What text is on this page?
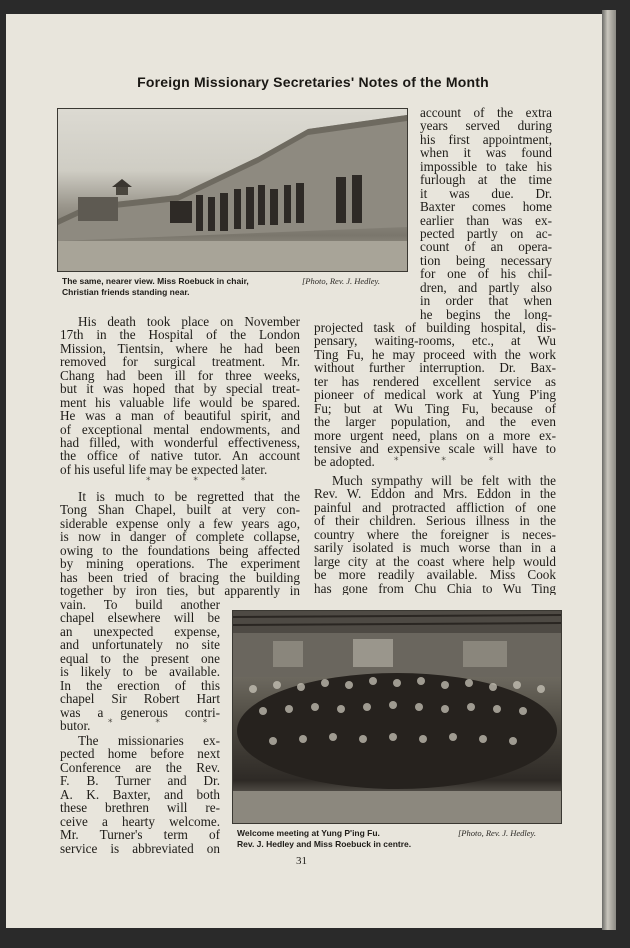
Foreign Missionary Secretaries' Notes of the Month
The same, nearer view. Miss Roebuck in chair,
Christian friends standing near.
[Photo, Rev. J. Hedley.
account of the extra
years served during
his first appointment,
when it was found
impossible to take his
furlough at the time
it was due. Dr.
Baxter comes home
earlier than was ex-
pected partly on ac-
count of an opera-
tion being necessary
for one of his chil-
dren, and partly also
in order that when
he begins the long-
projected task of building hospital, dis-
pensary, waiting-rooms, etc., at Wu
Ting Fu, he may proceed with the work
without further interruption. Dr. Bax-
ter has rendered excellent service as
pioneer of medical work at Yung P'ing
Fu; but at Wu Ting Fu, because of
the larger population, and the even
more urgent need, plans on a more ex-
tensive and expensive scale will have to
be adopted.
His death took place on November
17th in the Hospital of the London
Mission, Tientsin, where he had been
removed for surgical treatment. Mr.
Chang had been ill for three weeks,
but it was hoped that by special treat-
ment his valuable life would be spared.
He was a man of beautiful spirit, and
of exceptional mental endowments, and
had filled, with wonderful effectiveness,
the office of native tutor. An account
of his useful life may be expected later.
* * *
It is much to be regretted that the
Tong Shan Chapel, built at very con-
siderable expense only a few years ago,
is now in danger of complete collapse,
owing to the foundations being affected
by mining operations. The experiment
has been tried of bracing the building
together by iron ties, but apparently in
vain. To build another
chapel elsewhere will be
an unexpected expense,
and unfortunately no site
equal to the present one
is likely to be available.
In the erection of this
chapel Sir Robert Hart
was a generous contri-
butor.	* * *
The missionaries ex-
pected home before next
Conference are the Rev.
F. B. Turner and Dr.
A. K. Baxter, and both
these brethren will re-
ceive a hearty welcome.
Mr. Turner's term of
service is abbreviated on
* * *
Much sympathy will be felt with the
Rev. W. Eddon and Mrs. Eddon in the
painful and protracted affliction of one
of their children. Serious illness in the
country where the foreigner is neces-
sarily isolated is much worse than in a
large city at the coast where help would
be more readily available. Miss Cook
has gone from Chu Chia to Wu Ting
Welcome meeting at Yung P'ing Fu.
Rev. J. Hedley and Miss Roebuck in centre.
[Photo, Rev. J. Hedley.
31
